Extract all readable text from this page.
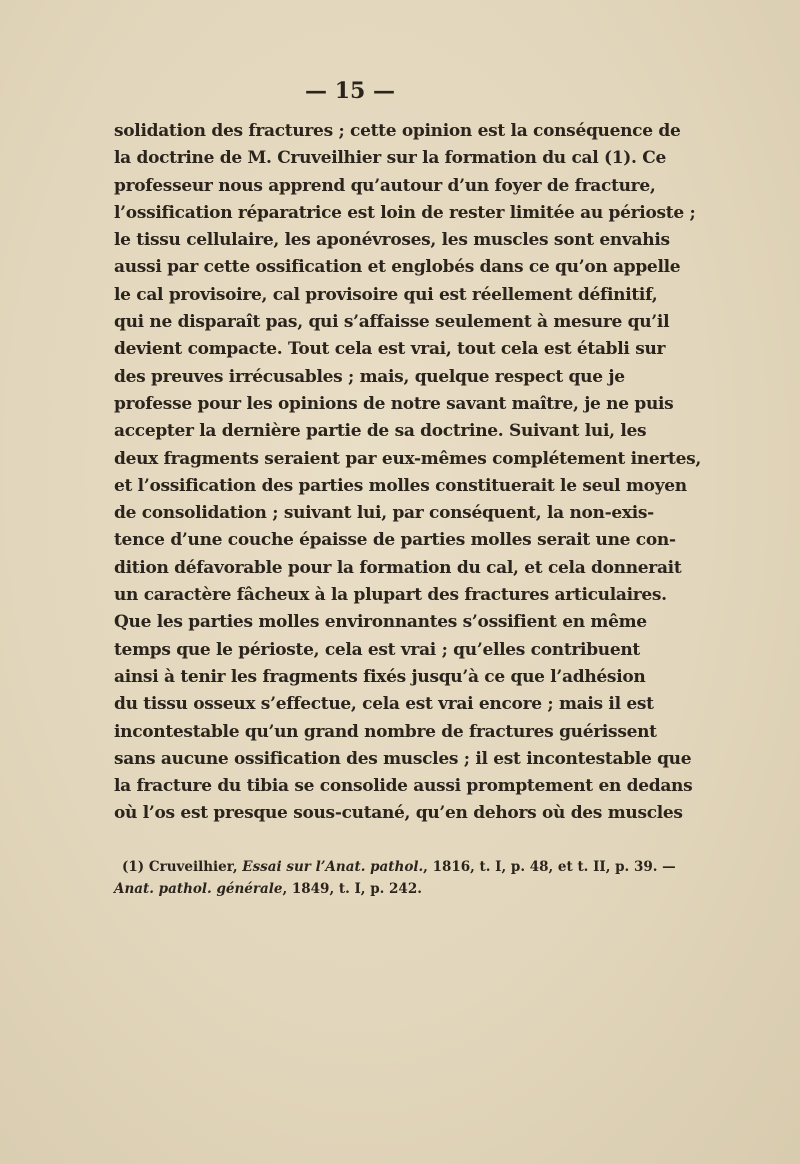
— 15 —
solidation des fractures ; cette opinion est la conséquence de
la doctrine de M. Cruveilhier sur la formation du cal (1). Ce
professeur nous apprend qu’autour d’un foyer de fracture,
l’ossification réparatrice est loin de rester limitée au périoste ;
le tissu cellulaire, les aponévroses, les muscles sont envahis
aussi par cette ossification et englobés dans ce qu’on appelle
le cal provisoire, cal provisoire qui est réellement définitif,
qui ne disparaît pas, qui s’affaisse seulement à mesure qu’il
devient compacte. Tout cela est vrai, tout cela est établi sur
des preuves irrécusables ; mais, quelque respect que je
professe pour les opinions de notre savant maître, je ne puis
accepter la dernière partie de sa doctrine. Suivant lui, les
deux fragments seraient par eux-mêmes complétement inertes,
et l’ossification des parties molles constituerait le seul moyen
de consolidation ; suivant lui, par conséquent, la non-exis-
tence d’une couche épaisse de parties molles serait une con-
dition défavorable pour la formation du cal, et cela donnerait
un caractère fâcheux à la plupart des fractures articulaires.
Que les parties molles environnantes s’ossifient en même
temps que le périoste, cela est vrai ; qu’elles contribuent
ainsi à tenir les fragments fixés jusqu’à ce que l’adhésion
du tissu osseux s’effectue, cela est vrai encore ; mais il est
incontestable qu’un grand nombre de fractures guérissent
sans aucune ossification des muscles ; il est incontestable que
la fracture du tibia se consolide aussi promptement en dedans
où l’os est presque sous-cutané, qu’en dehors où des muscles
(1) Cruveilhier, Essai sur l’Anat. pathol., 1816, t. I, p. 48, et t. II, p. 39. —
Anat. pathol. générale, 1849, t. I, p. 242.
